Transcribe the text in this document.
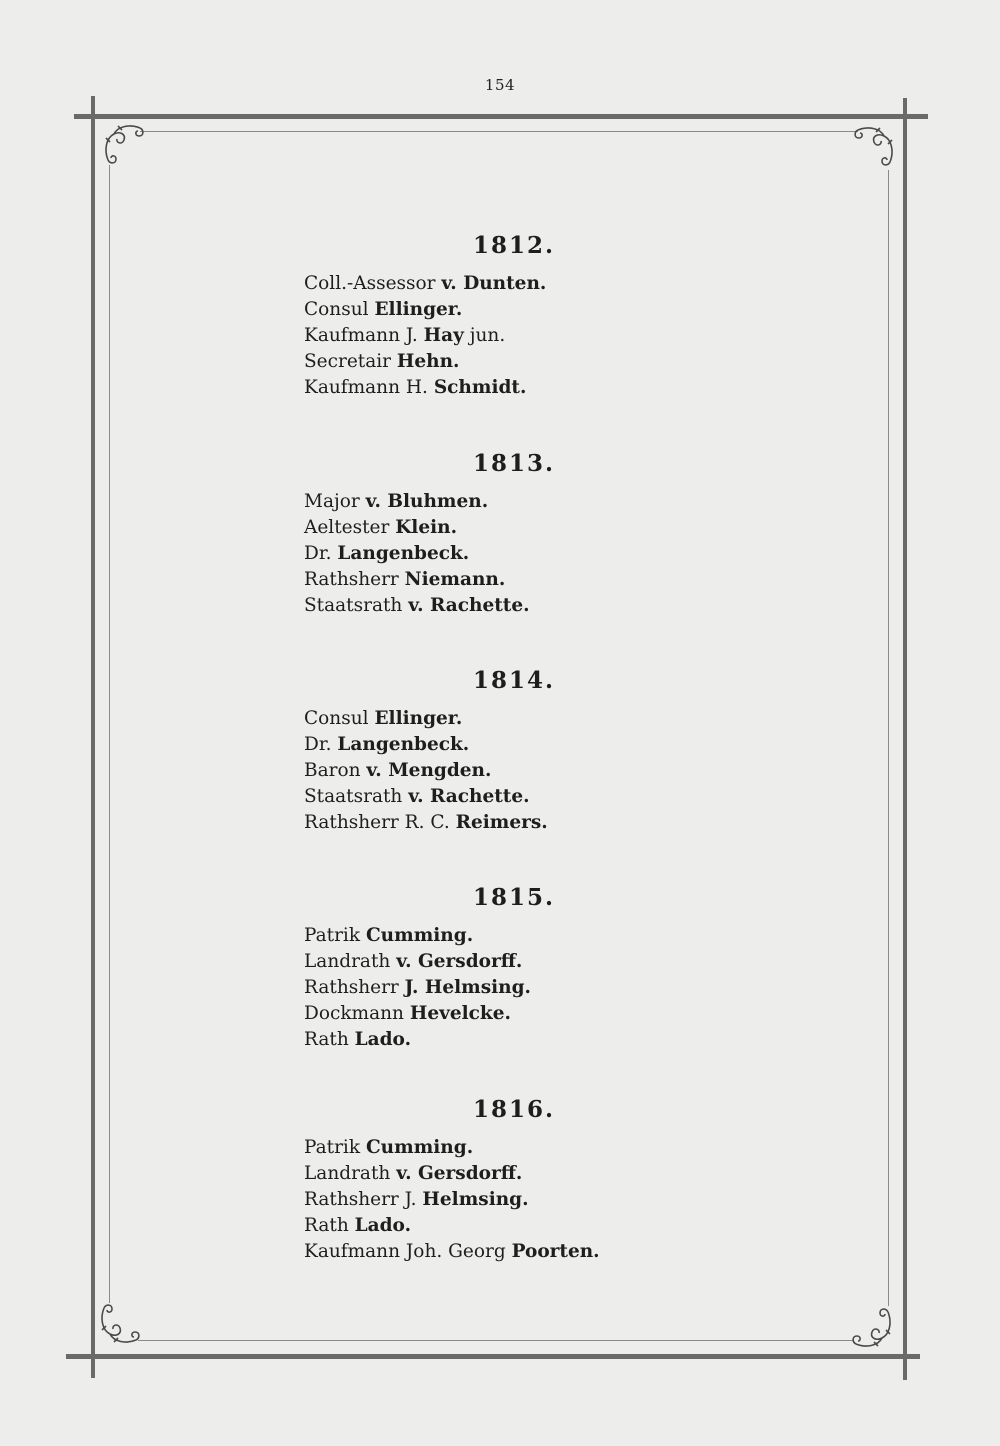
154
1812.
Coll.-Assessor v. Dunten.
Consul Ellinger.
Kaufmann J. Hay jun.
Secretair Hehn.
Kaufmann H. Schmidt.
1813.
Major v. Bluhmen.
Aeltester Klein.
Dr. Langenbeck.
Rathsherr Niemann.
Staatsrath v. Rachette.
1814.
Consul Ellinger.
Dr. Langenbeck.
Baron v. Mengden.
Staatsrath v. Rachette.
Rathsherr R. C. Reimers.
1815.
Patrik Cumming.
Landrath v. Gersdorff.
Rathsherr J. Helmsing.
Dockmann Hevelcke.
Rath Lado.
1816.
Patrik Cumming.
Landrath v. Gersdorff.
Rathsherr J. Helmsing.
Rath Lado.
Kaufmann Joh. Georg Poorten.
